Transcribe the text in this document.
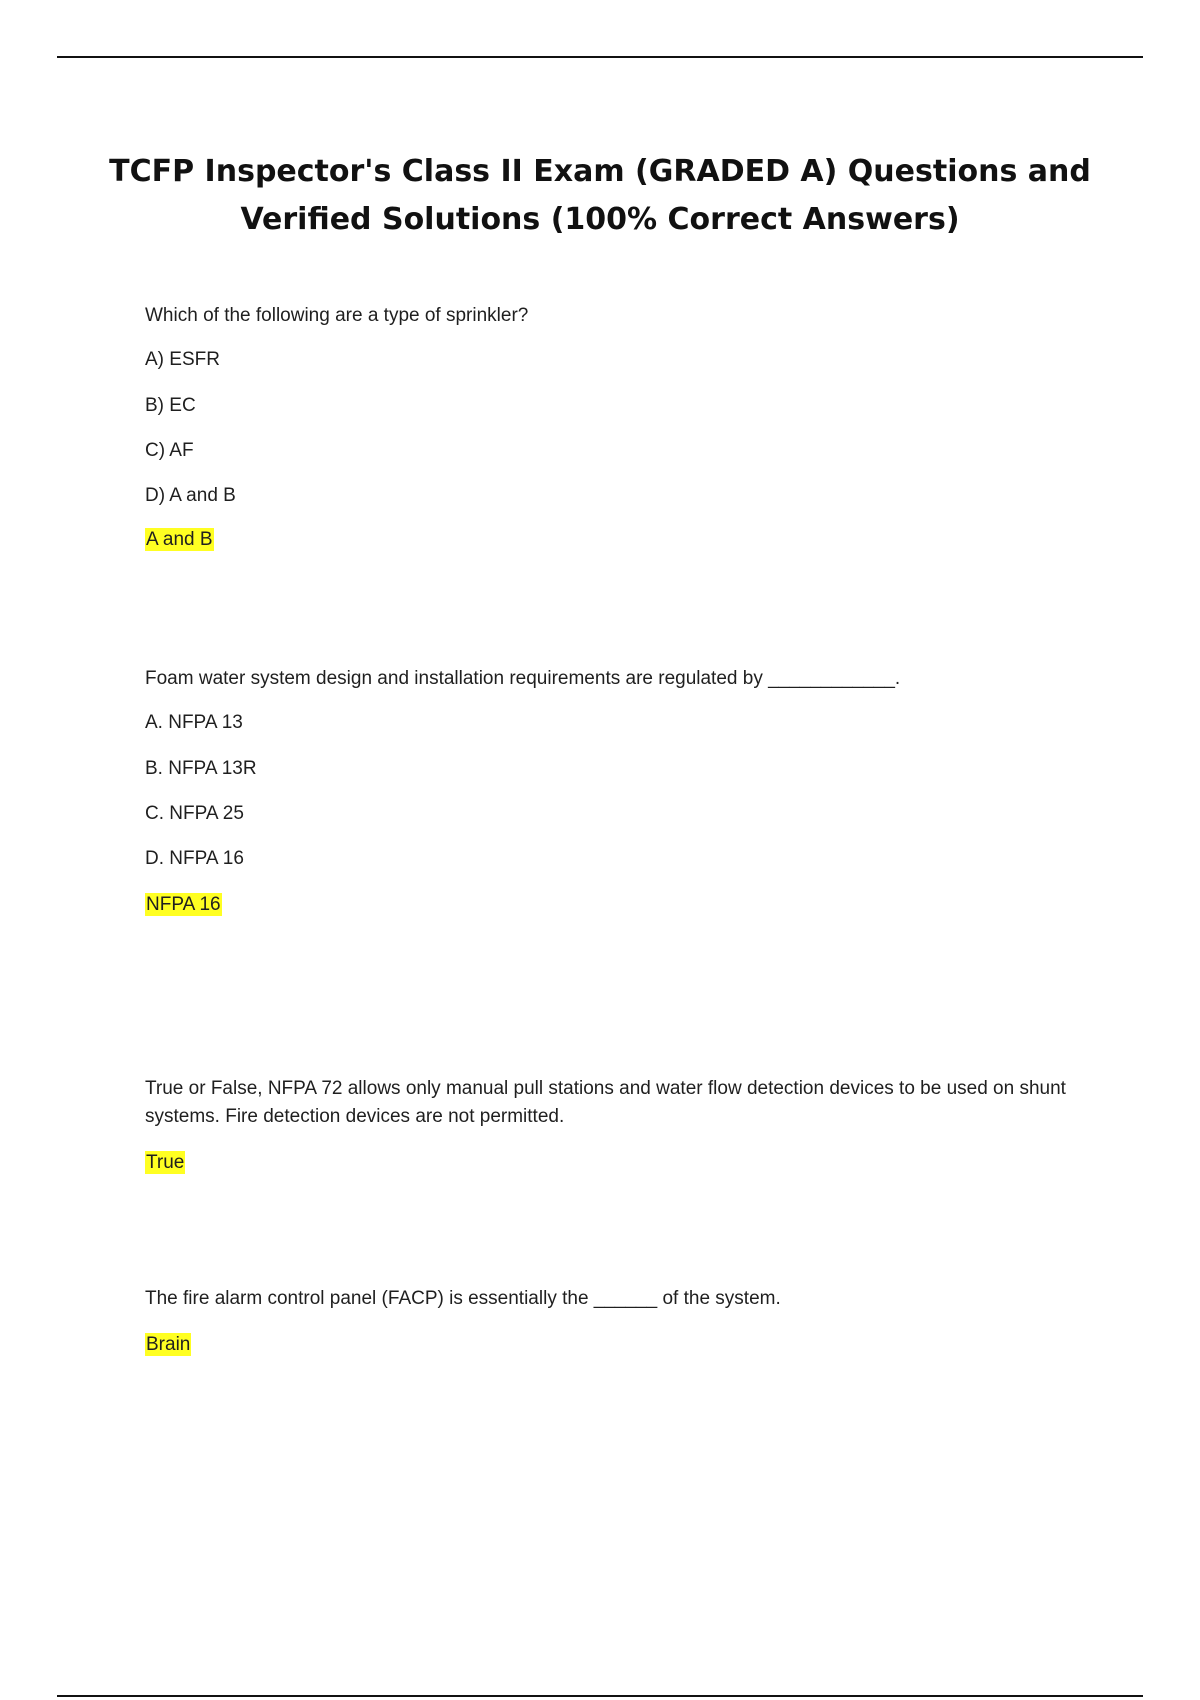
TCFP Inspector's Class II Exam (GRADED A) Questions and
Verified Solutions (100% Correct Answers)
Which of the following are a type of sprinkler?
A) ESFR
B) EC
C) AF
D) A and B
A and B
Foam water system design and installation requirements are regulated by ____________.
A. NFPA 13
B. NFPA 13R
C. NFPA 25
D. NFPA 16
NFPA 16
True or False, NFPA 72 allows only manual pull stations and water flow detection devices to be used on shunt systems. Fire detection devices are not permitted.
True
The fire alarm control panel (FACP) is essentially the ______ of the system.
Brain
